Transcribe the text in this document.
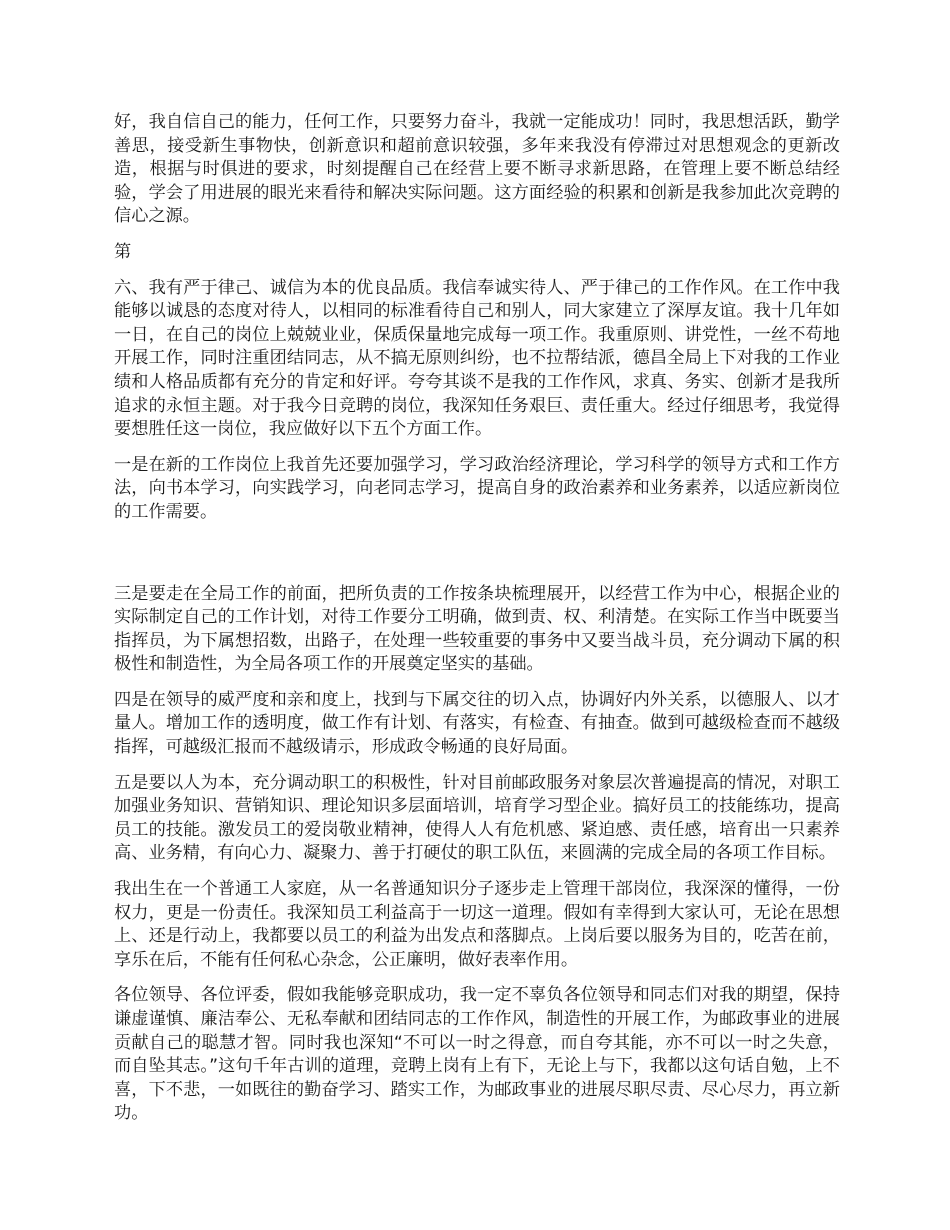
好，我自信自己的能力，任何工作，只要努力奋斗，我就一定能成功！同时，我思想活跃，勤学善思，接受新生事物快，创新意识和超前意识较强，多年来我没有停滞过对思想观念的更新改造，根据与时俱进的要求，时刻提醒自己在经营上要不断寻求新思路，在管理上要不断总结经验，学会了用进展的眼光来看待和解决实际问题。这方面经验的积累和创新是我参加此次竞聘的信心之源。

第

六、我有严于律己、诚信为本的优良品质。我信奉诚实待人、严于律己的工作作风。在工作中我能够以诚恳的态度对待人，以相同的标准看待自己和别人，同大家建立了深厚友谊。我十几年如一日，在自己的岗位上兢兢业业，保质保量地完成每一项工作。我重原则、讲党性，一丝不苟地开展工作，同时注重团结同志，从不搞无原则纠纷，也不拉帮结派，德昌全局上下对我的工作业绩和人格品质都有充分的肯定和好评。夸夸其谈不是我的工作作风，求真、务实、创新才是我所追求的永恒主题。对于我今日竞聘的岗位，我深知任务艰巨、责任重大。经过仔细思考，我觉得要想胜任这一岗位，我应做好以下五个方面工作。

一是在新的工作岗位上我首先还要加强学习，学习政治经济理论，学习科学的领导方式和工作方法，向书本学习，向实践学习，向老同志学习，提高自身的政治素养和业务素养，以适应新岗位的工作需要。

三是要走在全局工作的前面，把所负责的工作按条块梳理展开，以经营工作为中心，根据企业的实际制定自己的工作计划，对待工作要分工明确，做到责、权、利清楚。在实际工作当中既要当指挥员，为下属想招数，出路子，在处理一些较重要的事务中又要当战斗员，充分调动下属的积极性和制造性，为全局各项工作的开展奠定坚实的基础。

四是在领导的威严度和亲和度上，找到与下属交往的切入点，协调好内外关系，以德服人、以才量人。增加工作的透明度，做工作有计划、有落实，有检查、有抽查。做到可越级检查而不越级指挥，可越级汇报而不越级请示，形成政令畅通的良好局面。

五是要以人为本，充分调动职工的积极性，针对目前邮政服务对象层次普遍提高的情况，对职工加强业务知识、营销知识、理论知识多层面培训，培育学习型企业。搞好员工的技能练功，提高员工的技能。激发员工的爱岗敬业精神，使得人人有危机感、紧迫感、责任感，培育出一只素养高、业务精，有向心力、凝聚力、善于打硬仗的职工队伍，来圆满的完成全局的各项工作目标。

我出生在一个普通工人家庭，从一名普通知识分子逐步走上管理干部岗位，我深深的懂得，一份权力，更是一份责任。我深知员工利益高于一切这一道理。假如有幸得到大家认可，无论在思想上、还是行动上，我都要以员工的利益为出发点和落脚点。上岗后要以服务为目的，吃苦在前，享乐在后，不能有任何私心杂念，公正廉明，做好表率作用。

各位领导、各位评委，假如我能够竞职成功，我一定不辜负各位领导和同志们对我的期望，保持谦虚谨慎、廉洁奉公、无私奉献和团结同志的工作作风，制造性的开展工作，为邮政事业的进展贡献自己的聪慧才智。同时我也深知“不可以一时之得意，而自夸其能，亦不可以一时之失意，而自坠其志。”这句千年古训的道理，竞聘上岗有上有下，无论上与下，我都以这句话自勉，上不喜，下不悲，一如既往的勤奋学习、踏实工作，为邮政事业的进展尽职尽责、尽心尽力，再立新功。
